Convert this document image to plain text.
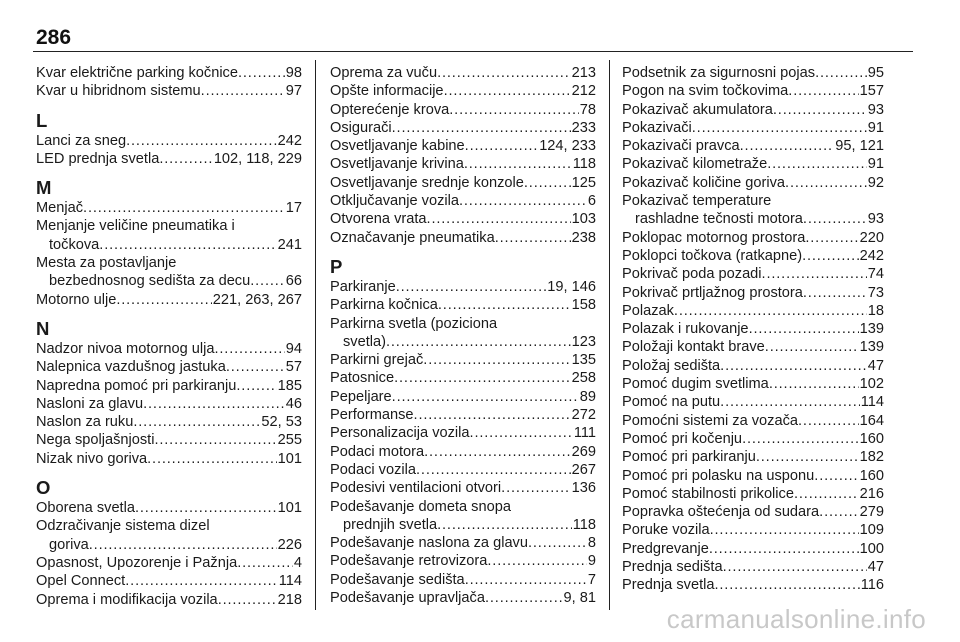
286
Kvar električne parking kočnice . . .	98
Kvar u hibridnom sistemu . . .	97
L
Lanci za sneg . . .	242
LED prednja svetla . . .	102, 118, 229
M
Menjač . . .	17
Menjanje veličine pneumatika i
točkova . . .	241
Mesta za postavljanje
bezbednosnog sedišta za decu . . . 66
Motorno ulje . . .	221, 263, 267
N
Nadzor nivoa motornog ulja . . .	94
Nalepnica vazdušnog jastuka . . .	57
Napredna pomoć pri parkiranju . . .	185
Nasloni za glavu . . .	46
Naslon za ruku . . .	52, 53
Nega spoljašnjosti . . .	255
Nizak nivo goriva . . .	101
O
Oborena svetla . . .	101
Odzračivanje sistema dizel
goriva . . .	226
Opasnost, Upozorenje i Pažnja . . .	4
Opel Connect . . .	114
Oprema i modifikacija vozila . . .	218
Oprema za vuču . . .	213
Opšte informacije . . .	212
Opterećenje krova . . .	78
Osigurači . . .	233
Osvetljavanje kabine . . .	124, 233
Osvetljavanje krivina . . .	118
Osvetljavanje srednje konzole . . .	125
Otključavanje vozila . . .	6
Otvorena vrata . . .	103
Označavanje pneumatika . . .	238
P
Parkiranje . . .	19, 146
Parkirna kočnica . . .	158
Parkirna svetla (poziciona
svetla) . . .	123
Parkirni grejač . . .	135
Patosnice . . .	258
Pepeljare . . .	89
Performanse . . .	272
Personalizacija vozila . . .	111
Podaci motora . . .	269
Podaci vozila . . .	267
Podesivi ventilacioni otvori . . .	136
Podešavanje dometa snopa
prednjih svetla . . .	118
Podešavanje naslona za glavu . . .	8
Podešavanje retrovizora . . .	9
Podešavanje sedišta . . .	7
Podešavanje upravljača . . .	9, 81
Podsetnik za sigurnosni pojas . . .	95
Pogon na svim točkovima . . .	157
Pokazivač akumulatora . . .	93
Pokazivači . . .	91
Pokazivači pravca . . .	95, 121
Pokazivač kilometraže . . .	91
Pokazivač količine goriva . . .	92
Pokazivač temperature
rashladne tečnosti motora . . .	93
Poklopac motornog prostora . . .	220
Poklopci točkova (ratkapne) . . .	242
Pokrivač poda pozadi . . .	74
Pokrivač prtljažnog prostora . . .	73
Polazak . . .	18
Polazak i rukovanje . . .	139
Položaji kontakt brave . . .	139
Položaj sedišta . . .	47
Pomoć dugim svetlima . . .	102
Pomoć na putu . . .	114
Pomoćni sistemi za vozača . . .	164
Pomoć pri kočenju . . .	160
Pomoć pri parkiranju . . .	182
Pomoć pri polasku na usponu . . .	160
Pomoć stabilnosti prikolice . . .	216
Popravka oštećenja od sudara . . .	279
Poruke vozila . . .	109
Predgrevanje . . .	100
Prednja sedišta . . .	47
Prednja svetla . . .	116
carmanualsonline.info
